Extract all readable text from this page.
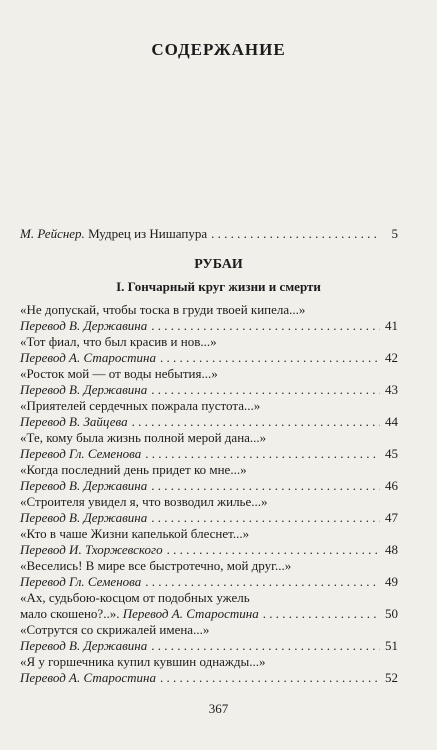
СОДЕРЖАНИЕ
М. Рейснер. Мудрец из Нишапура . . .	5
РУБАИ
I. Гончарный круг жизни и смерти
«Не допускай, чтобы тоска в груди твоей кипела...»
Перевод В. Державина . . .	41
«Тот фиал, что был красив и нов...»
Перевод А. Старостина . . .	42
«Росток мой — от воды небытия...»
Перевод В. Державина . . .	43
«Приятелей сердечных пожрала пустота...»
Перевод В. Зайцева . . .	44
«Те, кому была жизнь полной мерой дана...»
Перевод Гл. Семенова . . .	45
«Когда последний день придет ко мне...»
Перевод В. Державина . . .	46
«Строителя увидел я, что возводил жилье...»
Перевод В. Державина . . .	47
«Кто в чаше Жизни капелькой блеснет...»
Перевод И. Тхоржевского . . .	48
«Веселись! В мире все быстротечно, мой друг...»
Перевод Гл. Семенова . . .	49
«Ах, судьбою-косцом от подобных ужель
мало скошено?..». Перевод А. Старостина . . .	50
«Сотрутся со скрижалей имена...»
Перевод В. Державина . . .	51
«Я у горшечника купил кувшин однажды...»
Перевод А. Старостина . . .	52
367
